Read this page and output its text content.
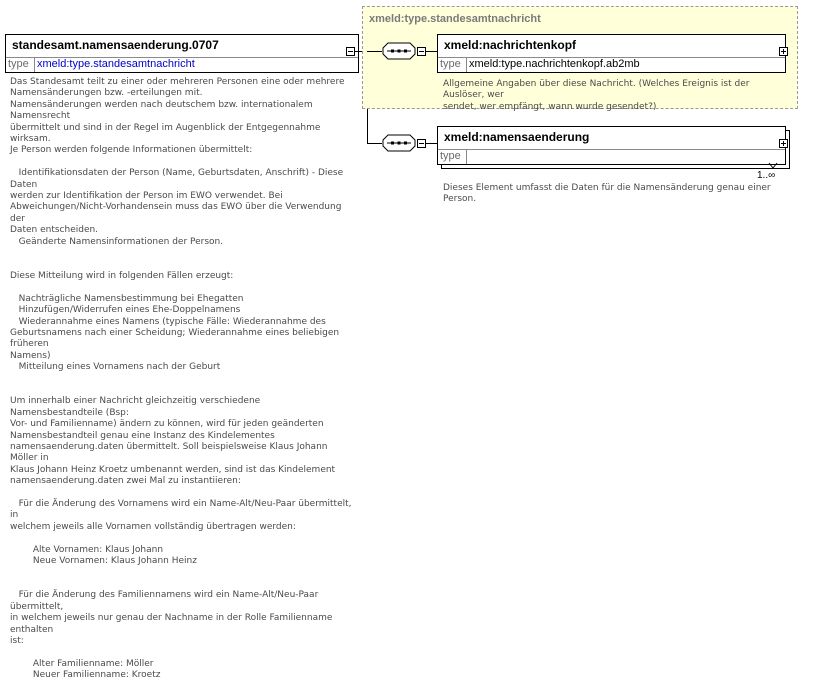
standesamt.namensaenderung.0707
type xmeld:type.standesamtnachricht
Das Standesamt teilt zu einer oder mehreren Personen eine oder mehrere
Namensänderungen bzw. -erteilungen mit.
Namensänderungen werden nach deutschem bzw. internationalem Namensrecht
übermittelt und sind in der Regel im Augenblick der Entgegennahme wirksam.
Je Person werden folgende Informationen übermittelt:

Identifikationsdaten der Person (Name, Geburtsdaten, Anschrift) - Diese Daten
werden zur Identifikation der Person im EWO verwendet. Bei
Abweichungen/Nicht-Vorhandensein muss das EWO über die Verwendung der
Daten entscheiden.
Geänderte Namensinformationen der Person.

Diese Mitteilung wird in folgenden Fällen erzeugt:

Nachträgliche Namensbestimmung bei Ehegatten
Hinzufügen/Widerrufen eines Ehe-Doppelnamens
Wiederannahme eines Namens (typische Fälle: Wiederannahme des
Geburtsnamens nach einer Scheidung; Wiederannahme eines beliebigen früheren
Namens)
Mitteilung eines Vornamens nach der Geburt

Um innerhalb einer Nachricht gleichzeitig verschiedene Namensbestandteile (Bsp:
Vor- und Familienname) ändern zu können, wird für jeden geänderten
Namensbestandteil genau eine Instanz des Kindelementes
namensaenderung.daten übermittelt. Soll beispielsweise Klaus Johann Möller in
Klaus Johann Heinz Kroetz umbenannt werden, sind ist das Kindelement
namensaenderung.daten zwei Mal zu instantiieren:

Für die Änderung des Vornamens wird ein Name-Alt/Neu-Paar übermittelt, in
welchem jeweils alle Vornamen vollständig übertragen werden:

Alte Vornamen: Klaus Johann
Neue Vornamen: Klaus Johann Heinz

Für die Änderung des Familiennamens wird ein Name-Alt/Neu-Paar übermittelt,
in welchem jeweils nur genau der Nachname in der Rolle Familienname enthalten
ist:

Alter Familienname: Möller
Neuer Familienname: Kroetz
xmeld:type.standesamtnachricht
xmeld:nachrichtenkopf
type xmeld:type.nachrichtenkopf.ab2mb
Allgemeine Angaben über diese Nachricht. (Welches Ereignis ist der Auslöser, wer
sendet, wer empfängt, wann wurde gesendet?)
xmeld:namensaenderung
type
1..∞
Dieses Element umfasst die Daten für die Namensänderung genau einer Person.
